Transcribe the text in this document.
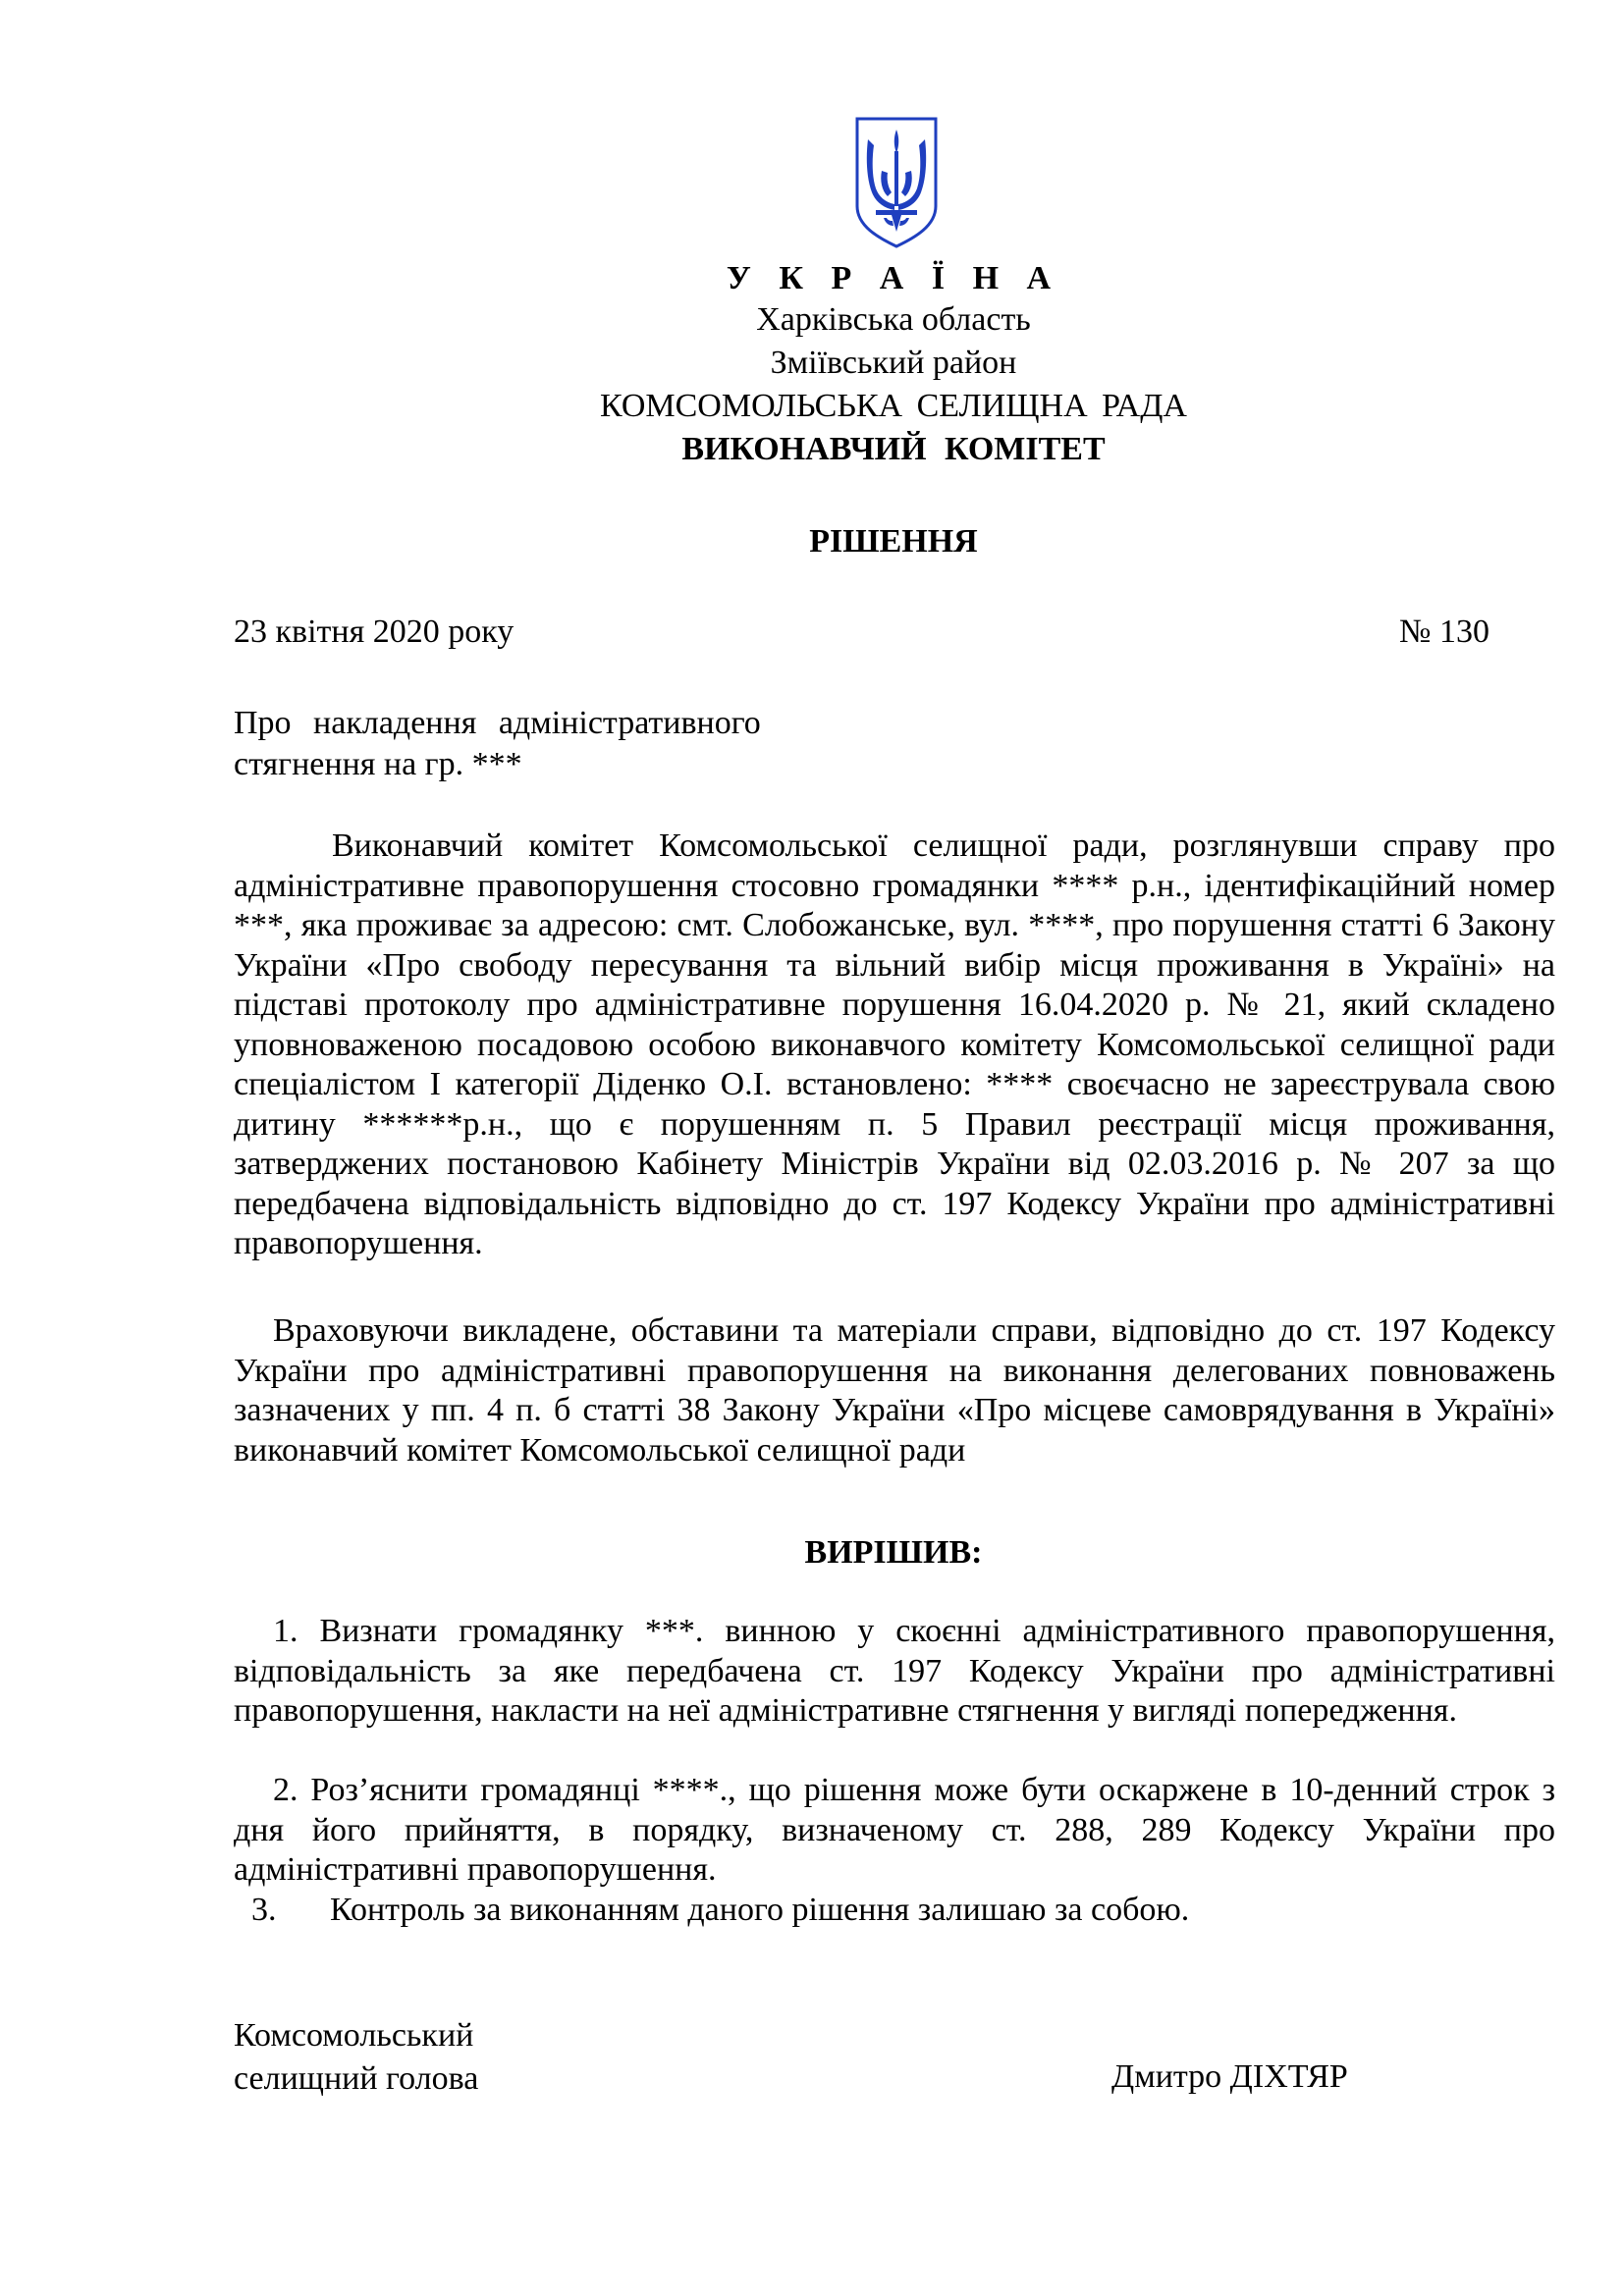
У К Р А Ї Н А
Харківська область
Зміївський район
КОМСОМОЛЬСЬКА СЕЛИЩНА РАДА
ВИКОНАВЧИЙ КОМІТЕТ
РІШЕННЯ
23 квітня 2020 року	№ 130
Про накладення адміністративного
стягнення на гр. ***
Виконавчий комітет Комсомольської селищної ради, розглянувши справу про адміністративне правопорушення стосовно громадянки **** р.н., ідентифікаційний номер ***, яка проживає за адресою: смт. Слобожанське, вул. ****, про порушення статті 6 Закону України «Про свободу пересування та вільний вибір місця проживання в Україні» на підставі протоколу про адміністративне порушення 16.04.2020 р. № 21, який складено уповноваженою посадовою особою виконавчого комітету Комсомольської селищної ради спеціалістом І категорії Діденко О.І. встановлено: **** своєчасно не зареєструвала свою дитину ******р.н., що є порушенням п. 5 Правил реєстрації місця проживання, затверджених постановою Кабінету Міністрів України від 02.03.2016 р. № 207 за що передбачена відповідальність відповідно до ст. 197 Кодексу України про адміністративні правопорушення.
Враховуючи викладене, обставини та матеріали справи, відповідно до ст. 197 Кодексу України про адміністративні правопорушення на виконання делегованих повноважень зазначених у пп. 4 п. б статті 38 Закону України «Про місцеве самоврядування в Україні» виконавчий комітет Комсомольської селищної ради
ВИРІШИВ:
1. Визнати громадянку ***. винною у скоєнні адміністративного правопорушення, відповідальність за яке передбачена ст. 197 Кодексу України про адміністративні правопорушення, накласти на неї адміністративне стягнення у вигляді попередження.
2. Роз’яснити громадянці ****., що рішення може бути оскаржене в 10-денний строк з дня його прийняття, в порядку, визначеному ст. 288, 289 Кодексу України про адміністративні правопорушення.
3. Контроль за виконанням даного рішення залишаю за собою.
Комсомольський
селищний голова	Дмитро ДІХТЯР
